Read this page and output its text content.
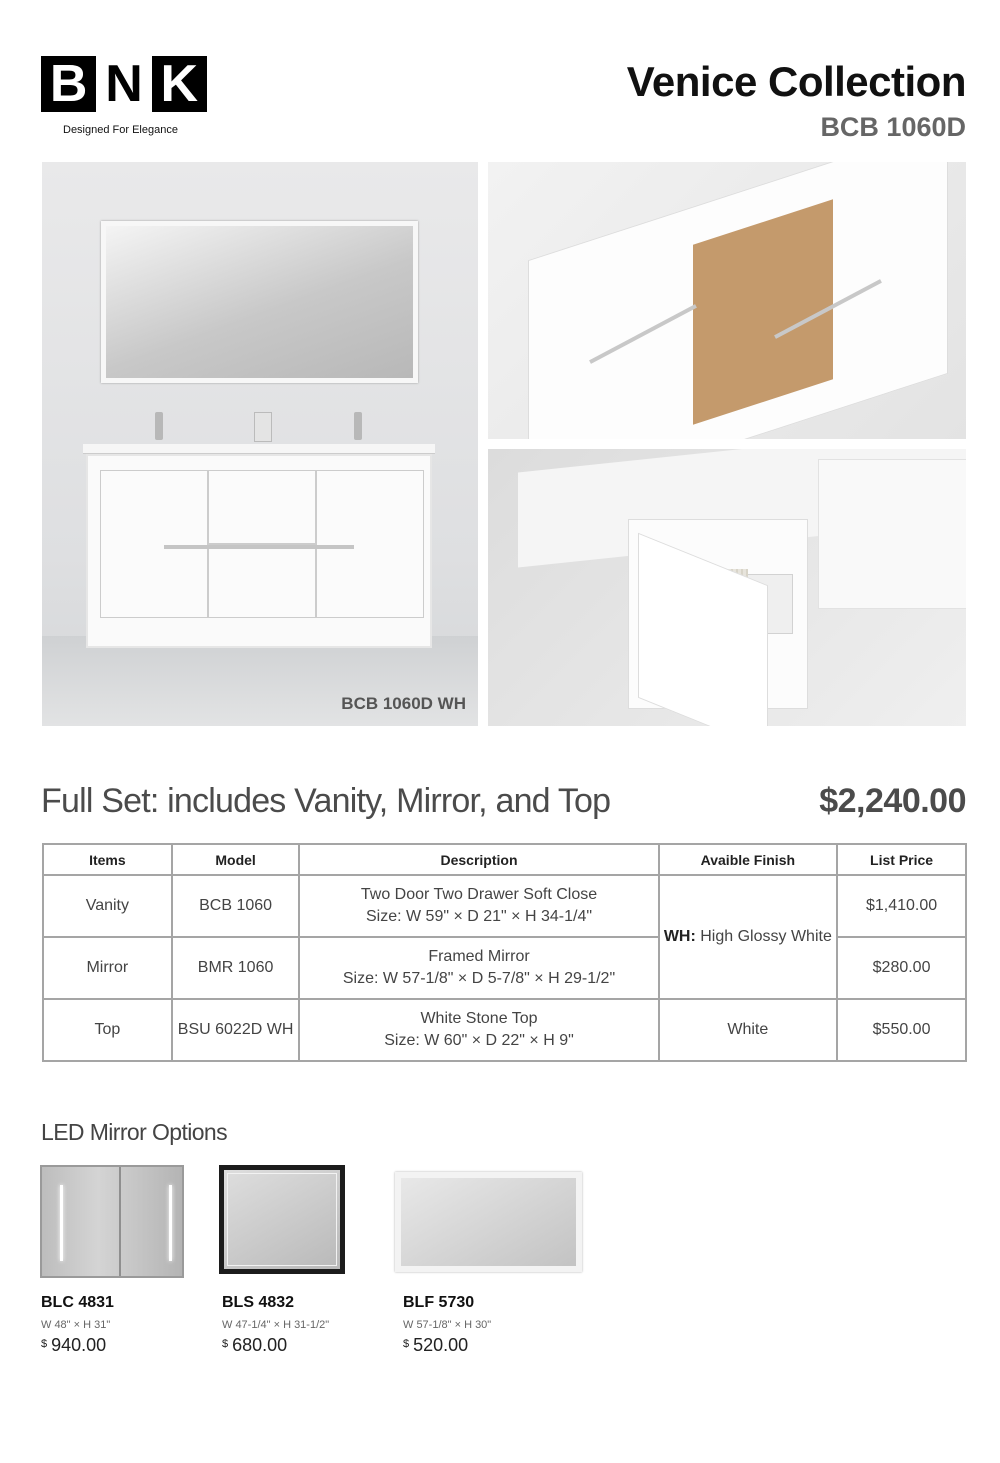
B N K
Designed For Elegance
Venice Collection
BCB 1060D
BCB 1060D WH
Full Set: includes Vanity, Mirror, and Top	$2,240.00
Items	Model	Description	Avaible Finish	List Price
Vanity	BCB 1060	Two Door Two Drawer Soft Close
Size: W 59" × D 21" × H 34-1/4"	WH: High Glossy White	$1,410.00
Mirror	BMR 1060	Framed Mirror
Size: W 57-1/8" × D 5-7/8" × H 29-1/2"		$280.00
Top	BSU 6022D WH	White Stone Top
Size: W 60" × D 22" × H 9"	White	$550.00
LED Mirror Options
BLC 4831
W 48" × H 31"
$ 940.00
BLS 4832
W 47-1/4" × H 31-1/2"
$ 680.00
BLF 5730
W 57-1/8" × H 30"
$ 520.00
